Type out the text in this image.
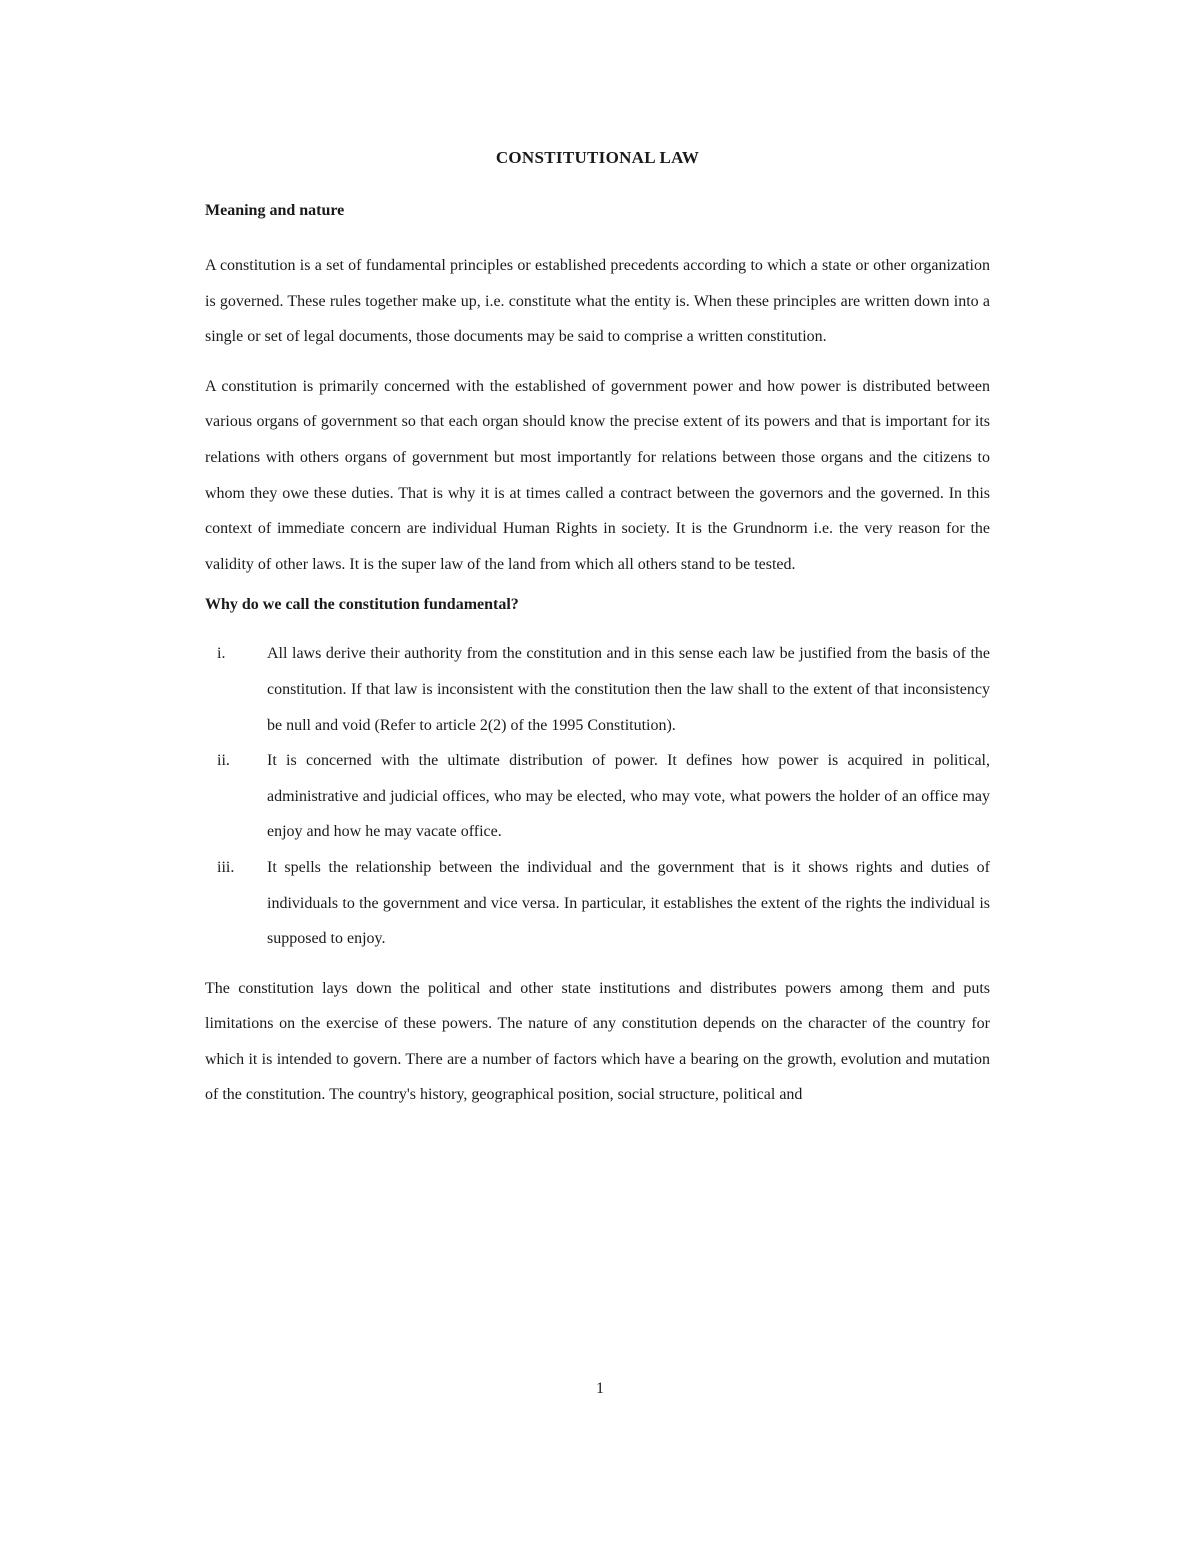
CONSTITUTIONAL LAW
Meaning and nature

A constitution is a set of fundamental principles or established precedents according to which a state or other organization is governed. These rules together make up, i.e. constitute what the entity is. When these principles are written down into a single or set of legal documents, those documents may be said to comprise a written constitution.

A constitution is primarily concerned with the established of government power and how power is distributed between various organs of government so that each organ should know the precise extent of its powers and that is important for its relations with others organs of government but most importantly for relations between those organs and the citizens to whom they owe these duties. That is why it is at times called a contract between the governors and the governed. In this context of immediate concern are individual Human Rights in society. It is the Grundnorm i.e. the very reason for the validity of other laws. It is the super law of the land from which all others stand to be tested.

Why do we call the constitution fundamental?
i.	All laws derive their authority from the constitution and in this sense each law be justified from the basis of the constitution. If that law is inconsistent with the constitution then the law shall to the extent of that inconsistency be null and void (Refer to article 2(2) of the 1995 Constitution).
ii. It is concerned with the ultimate distribution of power. It defines how power is acquired in political, administrative and judicial offices, who may be elected, who may vote, what powers the holder of an office may enjoy and how he may vacate office.
iii. It spells the relationship between the individual and the government that is it shows rights and duties of individuals to the government and vice versa. In particular, it establishes the extent of the rights the individual is supposed to enjoy.

The constitution lays down the political and other state institutions and distributes powers among them and puts limitations on the exercise of these powers. The nature of any constitution depends on the character of the country for which it is intended to govern. There are a number of factors which have a bearing on the growth, evolution and mutation of the constitution. The country's history, geographical position, social structure, political and

1
